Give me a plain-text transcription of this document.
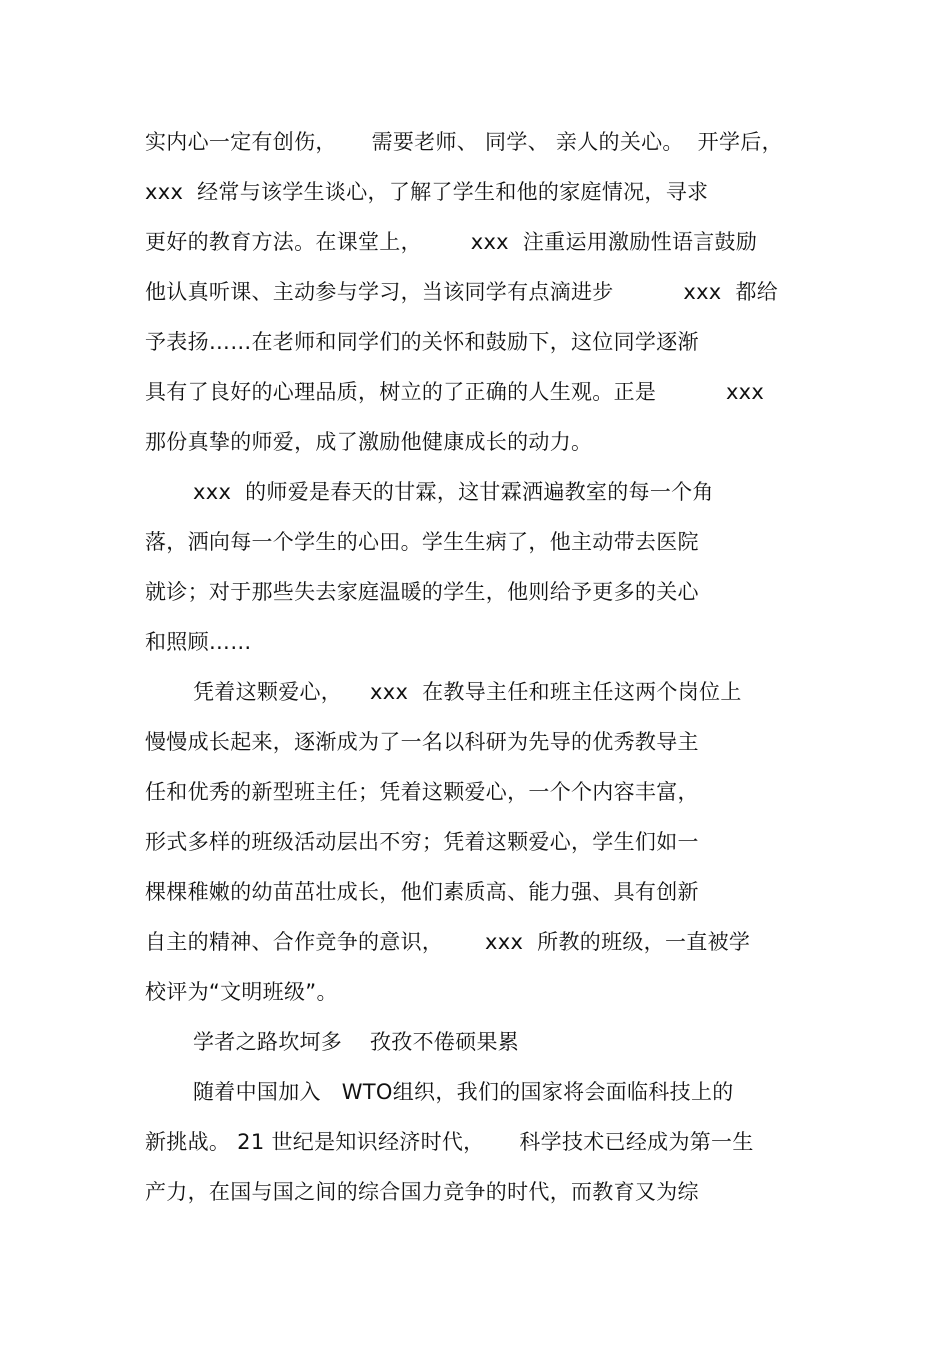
实内心一定有创伤，     需要老师、 同学、 亲人的关心。  开学后，
xxx  经常与该学生谈心，了解了学生和他的家庭情况，寻求
更好的教育方法。在课堂上，       xxx  注重运用激励性语言鼓励
他认真听课、主动参与学习，当该同学有点滴进步          xxx  都给
予表扬……在老师和同学们的关怀和鼓励下，这位同学逐渐
具有了良好的心理品质，树立的了正确的人生观。正是          xxx
那份真挚的师爱，成了激励他健康成长的动力。
xxx  的师爱是春天的甘霖，这甘霖洒遍教室的每一个角
落，洒向每一个学生的心田。学生生病了，他主动带去医院
就诊；对于那些失去家庭温暖的学生，他则给予更多的关心
和照顾……
凭着这颗爱心，    xxx  在教导主任和班主任这两个岗位上
慢慢成长起来，逐渐成为了一名以科研为先导的优秀教导主
任和优秀的新型班主任；凭着这颗爱心，一个个内容丰富，
形式多样的班级活动层出不穷；凭着这颗爱心，学生们如一
棵棵稚嫩的幼苗茁壮成长，他们素质高、能力强、具有创新
自主的精神、合作竞争的意识，      xxx  所教的班级，一直被学
校评为“文明班级”。
学者之路坎坷多    孜孜不倦硕果累
随着中国加入   WTO组织，我们的国家将会面临科技上的
新挑战。 21 世纪是知识经济时代，     科学技术已经成为第一生
产力，在国与国之间的综合国力竞争的时代，而教育又为综
